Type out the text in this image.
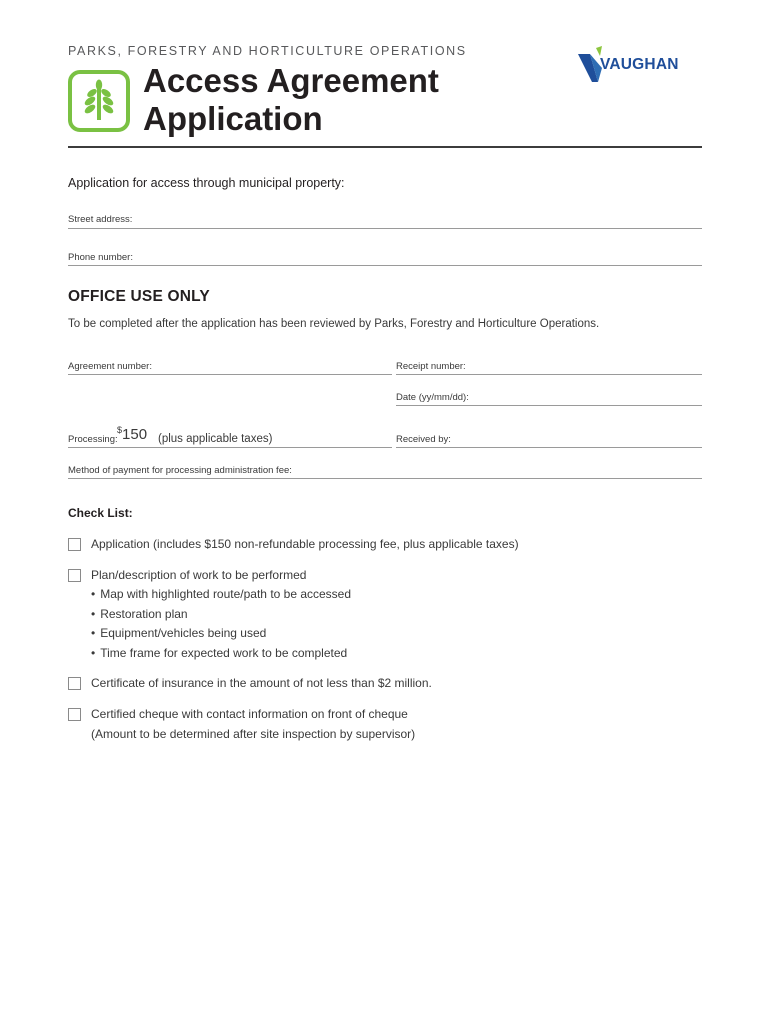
PARKS, FORESTRY AND HORTICULTURE OPERATIONS
Access Agreement
Application
VAUGHAN
Application for access through municipal property:
Street address:
Phone number:
OFFICE USE ONLY
To be completed after the application has been reviewed by Parks, Forestry and Horticulture Operations.
Agreement number:	Receipt number:
Date (yy/mm/dd):
Processing:
$150 (plus applicable taxes)	Received by:
Method of payment for processing administration fee:
Check List:
Application (includes $150 non-refundable processing fee, plus applicable taxes)
Plan/description of work to be performed
• Map with highlighted route/path to be accessed
• Restoration plan
• Equipment/vehicles being used
• Time frame for expected work to be completed
Certificate of insurance in the amount of not less than $2 million.
Certified cheque with contact information on front of cheque
(Amount to be determined after site inspection by supervisor)
